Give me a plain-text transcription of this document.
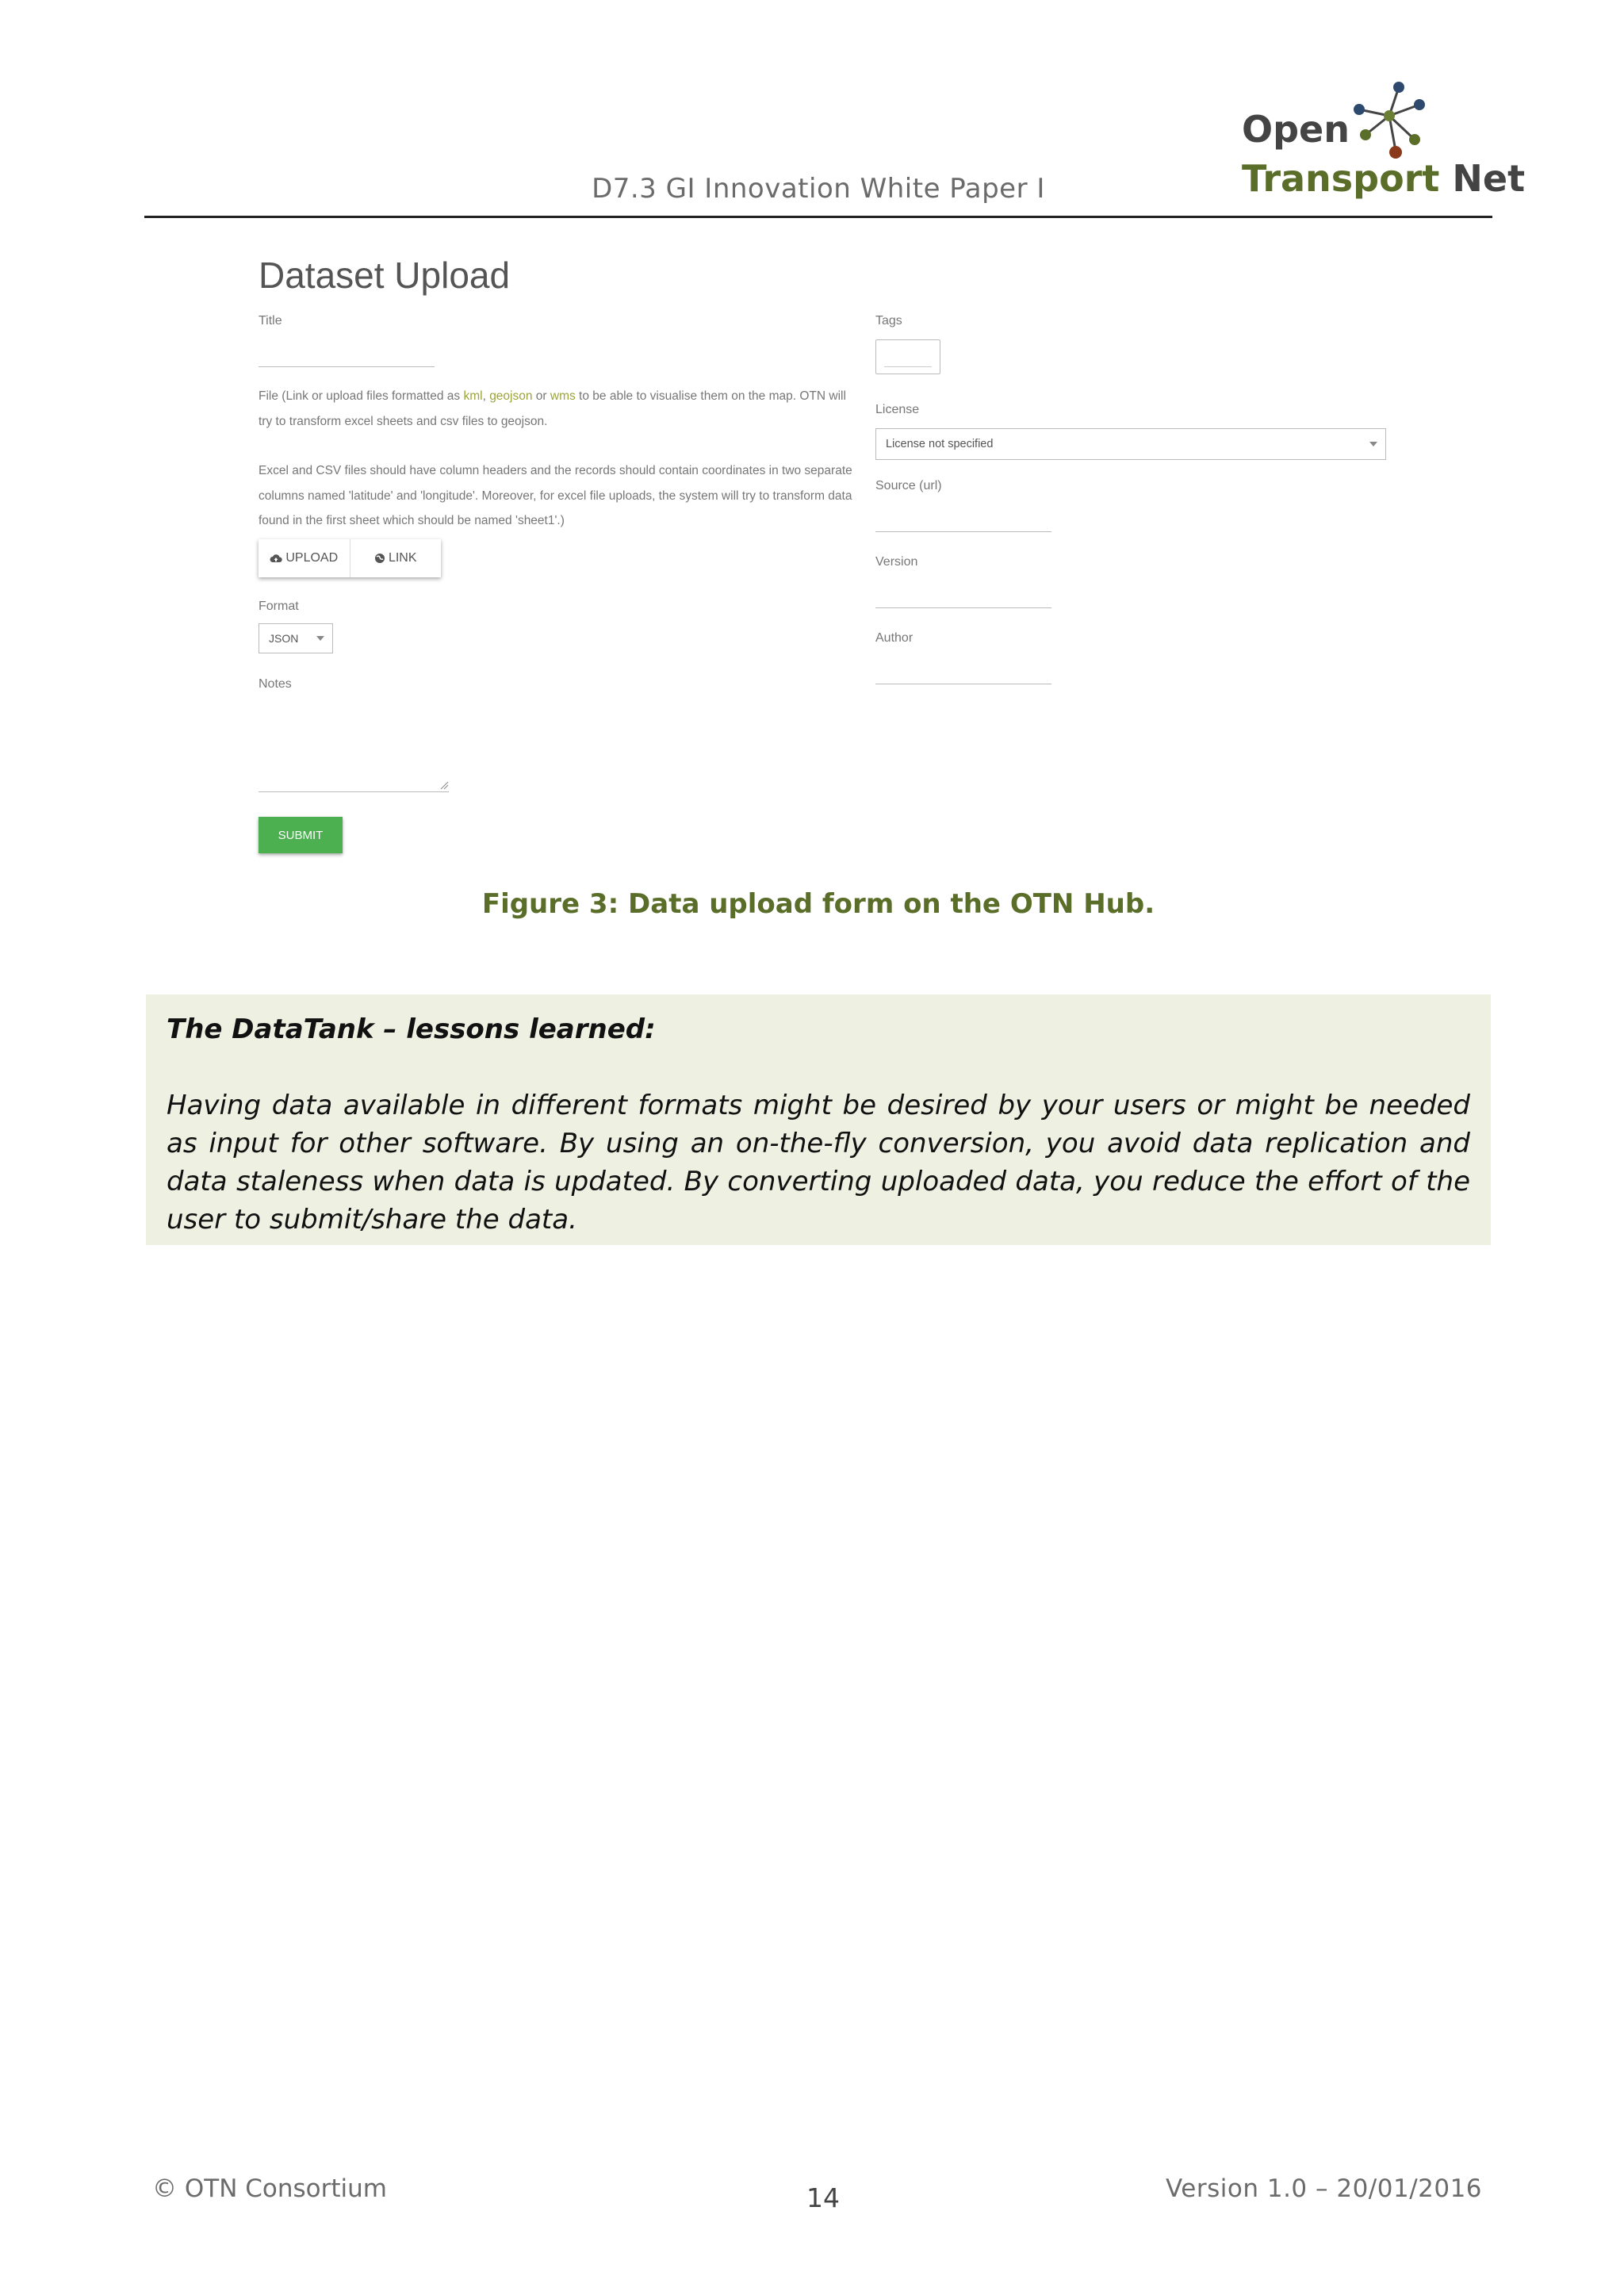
D7.3 GI Innovation White Paper I
Open
Transport Net
Dataset Upload
Title
File (Link or upload files formatted as kml, geojson or wms to be able to visualise them on the map. OTN will try to transform excel sheets and csv files to geojson.
Excel and CSV files should have column headers and the records should contain coordinates in two separate columns named 'latitude' and 'longitude'. Moreover, for excel file uploads, the system will try to transform data found in the first sheet which should be named 'sheet1'.)
UPLOAD	LINK
Format
JSON
Notes
SUBMIT
Tags
License
License not specified
Source (url)
Version
Author
Figure 3: Data upload form on the OTN Hub.
The DataTank – lessons learned:
Having data available in different formats might be desired by your users or might be needed as input for other software. By using an on-the-fly conversion, you avoid data replication and data staleness when data is updated. By converting uploaded data, you reduce the effort of the user to submit/share the data.
© OTN Consortium	14	Version 1.0 – 20/01/2016
